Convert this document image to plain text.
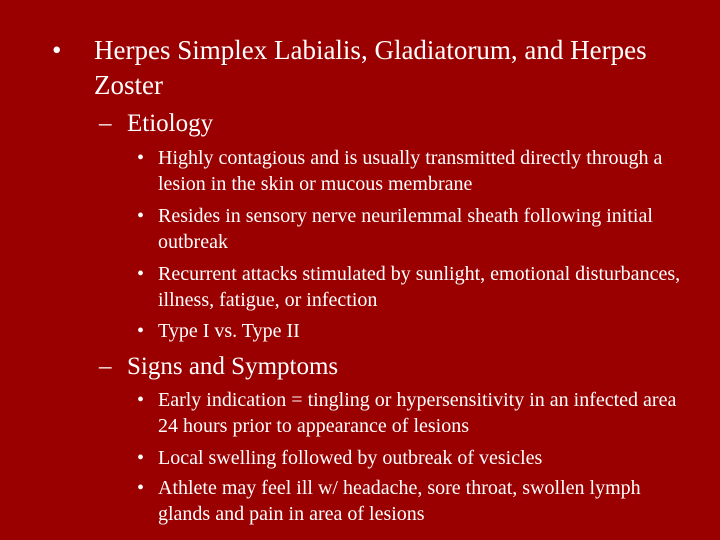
• Herpes Simplex Labialis, Gladiatorum, and Herpes Zoster
– Etiology
• Highly contagious and is usually transmitted directly through a lesion in the skin or mucous membrane
• Resides in sensory nerve neurilemmal sheath following initial outbreak
• Recurrent attacks stimulated by sunlight, emotional disturbances, illness, fatigue, or infection
• Type I vs. Type II
– Signs and Symptoms
• Early indication = tingling or hypersensitivity in an infected area 24 hours prior to appearance of lesions
• Local swelling followed by outbreak of vesicles
• Athlete may feel ill w/ headache, sore throat, swollen lymph glands and pain in area of lesions
